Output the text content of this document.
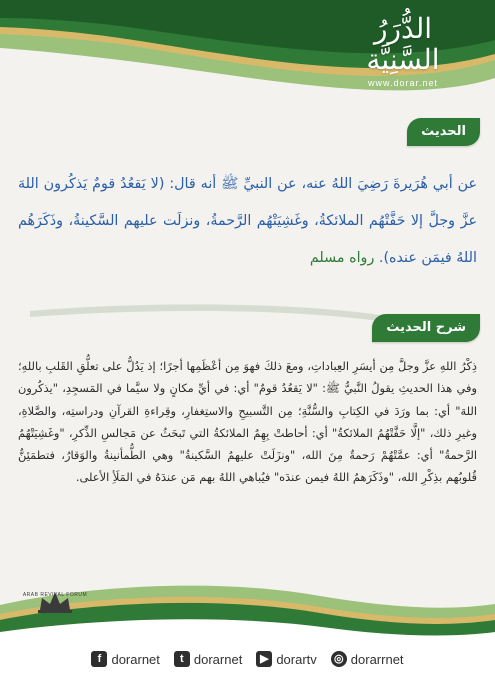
الدُّرَرُ السَّنِيَّة
www.dorar.net
الحديث
عن أبي هُرَيرةَ رَضِيَ اللهُ عنه، عن النبيِّ ﷺ أنه قال: (لا يَقعُدُ قومٌ يَذكُرون اللهَ عزَّ وجلَّ إلا حَفَّتْهُم الملائكةُ، وغَشِيَتْهُم الرَّحمةُ، ونزلَت عليهم السَّكينةُ، وذَكَرَهُم اللهُ فيمَن عنده). رواه مسلم
شرح الحديث
ذِكْرُ اللهِ عزَّ وجلَّ مِن أيسَرِ العِباداتِ، ومعَ ذلكَ فهوَ مِن أعْظَمِها أجرًا؛ إذ يَدُلُّ على تعلُّقِ القَلبِ باللهِ؛ وفي هذا الحديثِ يقولُ النَّبيُّ ﷺ: "لا يَقعُدُ قومٌ" أي: في أيِّ مكانٍ ولا سيَّما في المَسجِدِ، "يذكُرون اللهَ" أي: بما ورَدَ في الكِتابِ والسُّنَّةِ؛ مِن التَّسبيحِ والاستِغفارِ، وقِراءةِ القرآنِ ودراستِه، والصَّلاةِ، وغيرِ ذلك، "إلَّا حَفَّتْهُمُ الملائكةُ" أي: أحاطتْ بِهِمُ الملائكةُ التي تَبحَثُ عن مَجالسِ الذِّكرِ، "وغَشِيَتْهُمُ الرَّحمةُ" أي: عمَّتْهُمْ رَحمةٌ مِنَ الله، "ونزَلَتْ عليهمُ السَّكينةُ" وهي الطُّمأنينةُ والوَقارُ، فتطمَئِنُّ قُلوبُهم بذِكْرِ الله، "وذَكَرَهمُ اللهُ فيمن عندَه" فيُباهي اللهُ بهم مَن عندَهُ في المَلَأِ الأعلى.
ARAB REVIVAL FORUM
f dorarnet	t dorarnet	▶ dorartv ◎ dorarrnet
